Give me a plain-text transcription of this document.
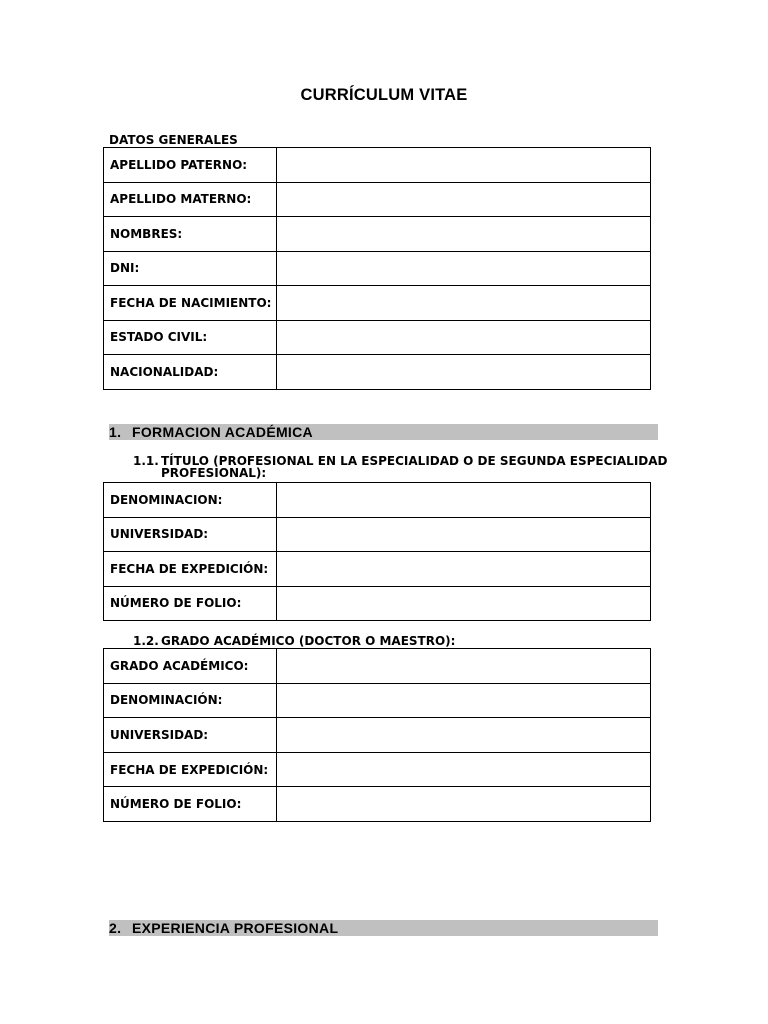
CURRÍCULUM VITAE
DATOS GENERALES
APELLIDO PATERNO:	
APELLIDO MATERNO:	
NOMBRES:	
DNI:	
FECHA DE NACIMIENTO:	
ESTADO CIVIL:	
NACIONALIDAD:	
1. FORMACION ACADÉMICA
1.1. TÍTULO (PROFESIONAL EN LA ESPECIALIDAD O DE SEGUNDA ESPECIALIDAD
PROFESIONAL):
DENOMINACION:	
UNIVERSIDAD:	
FECHA DE EXPEDICIÓN:	
NÚMERO DE FOLIO:	
1.2. GRADO ACADÉMICO (DOCTOR O MAESTRO):
GRADO ACADÉMICO:	
DENOMINACIÓN:	
UNIVERSIDAD:	
FECHA DE EXPEDICIÓN:	
NÚMERO DE FOLIO:	
2. EXPERIENCIA PROFESIONAL
